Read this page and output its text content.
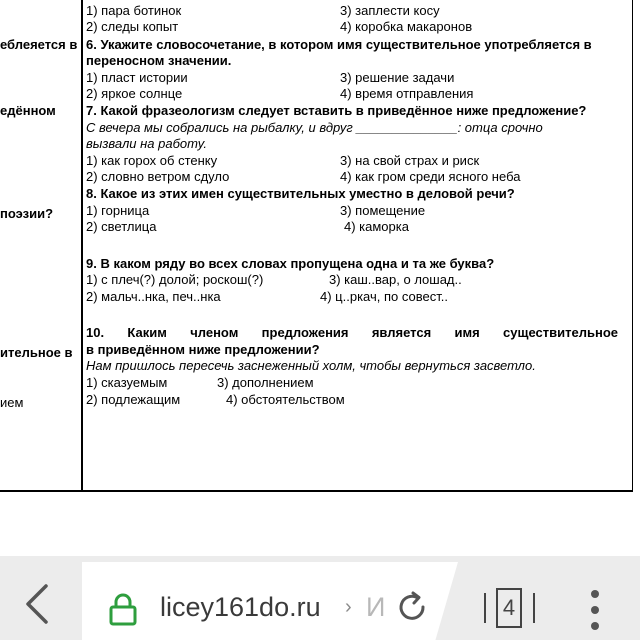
еблеяется в
едённом
поэзии?
ительное в
ием
1) пара ботинок	3) заплести косу
2) следы копыт	4) коробка макаронов
6. Укажите словосочетание, в котором имя существительное употребляется в
переносном значении.
1) пласт истории	3) решение задачи
2) яркое солнце	4) время отправления
7. Какой фразеологизм следует вставить в приведённое ниже предложение?
С вечера мы собрались на рыбалку, и вдруг ______________: отца срочно
вызвали на работу.
1) как горох об стенку	3) на свой страх и риск
2) словно ветром сдуло	4) как гром среди ясного неба
8. Какое из этих имен существительных уместно в деловой речи?
1) горница	3) помещение
2) светлица	4) каморка
9. В каком ряду во всех словах пропущена одна и та же буква?
1) с плеч(?) долой; роскош(?)	3) каш..вар, о лошад..
2) мальч..нка, печ..нка	4) ц..ркач, по совест..
10. Каким членом предложения является имя существительное
в приведённом ниже предложении?
Нам пришлось пересечь заснеженный холм, чтобы вернуться засветло.
1) сказуемым	3) дополнением
2) подлежащим	4) обстоятельством
licey161do.ru › И	4
